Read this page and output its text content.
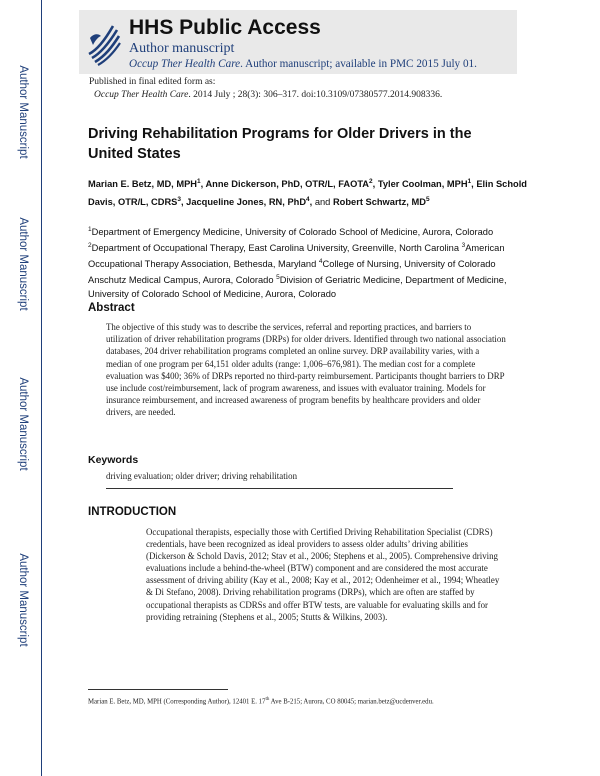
Author Manuscript
Author Manuscript
Author Manuscript
Author Manuscript
HHS Public Access
Author manuscript
Occup Ther Health Care. Author manuscript; available in PMC 2015 July 01.
Published in final edited form as:
Occup Ther Health Care. 2014 July ; 28(3): 306–317. doi:10.3109/07380577.2014.908336.
Driving Rehabilitation Programs for Older Drivers in the United States
Marian E. Betz, MD, MPH$^1$, Anne Dickerson, PhD, OTR/L, FAOTA$^2$, Tyler Coolman, MPH$^1$, Elin Schold Davis, OTR/L, CDRS$^3$, Jacqueline Jones, RN, PhD$^4$, and Robert Schwartz, $MD^5$
$^1$Department of Emergency Medicine, University of Colorado School of Medicine, Aurora, Colorado $^2$Department of Occupational Therapy, East Carolina University, Greenville, North Carolina $^3$American Occupational Therapy Association, Bethesda, Maryland $^4$College of Nursing, University of Colorado Anschutz Medical Campus, Aurora, Colorado $^5$Division of Geriatric Medicine, Department of Medicine, University of Colorado School of Medicine, Aurora, Colorado
Abstract
The objective of this study was to describe the services, referral and reporting practices, and barriers to utilization of driver rehabilitation programs (DRPs) for older drivers. Identified through two national association databases, 204 driver rehabilitation programs completed an online survey. DRP availability varies, with a median of one program per 64,151 older adults (range: 1,006–676,981). The median cost for a complete evaluation was $400; 36% of DRPs reported no third-party reimbursement. Participants thought barriers to DRP use include cost/reimbursement, lack of program awareness, and issues with evaluator training. Models for insurance reimbursement, and increased awareness of program benefits by healthcare providers and older drivers, are needed.
Keywords
driving evaluation; older driver; driving rehabilitation
INTRODUCTION
Occupational therapists, especially those with Certified Driving Rehabilitation Specialist (CDRS) credentials, have been recognized as ideal providers to assess older adults’ driving abilities (Dickerson & Schold Davis, 2012; Stav et al., 2006; Stephens et al., 2005). Comprehensive driving evaluations include a behind-the-wheel (BTW) component and are considered the most accurate assessment of driving ability (Kay et al., 2008; Kay et al., 2012; Odenheimer et al., 1994; Wheatley & Di Stefano, 2008). Driving rehabilitation programs (DRPs), which are often are staffed by occupational therapists as CDRSs and offer BTW tests, are valuable for evaluating skills and for providing retraining (Stephens et al., 2005; Stutts & Wilkins, 2003).
Marian E. Betz, MD, MPH (Corresponding Author), 12401 E. 17th Ave B-215; Aurora, CO 80045; marian.betz@ucdenver.edu.
